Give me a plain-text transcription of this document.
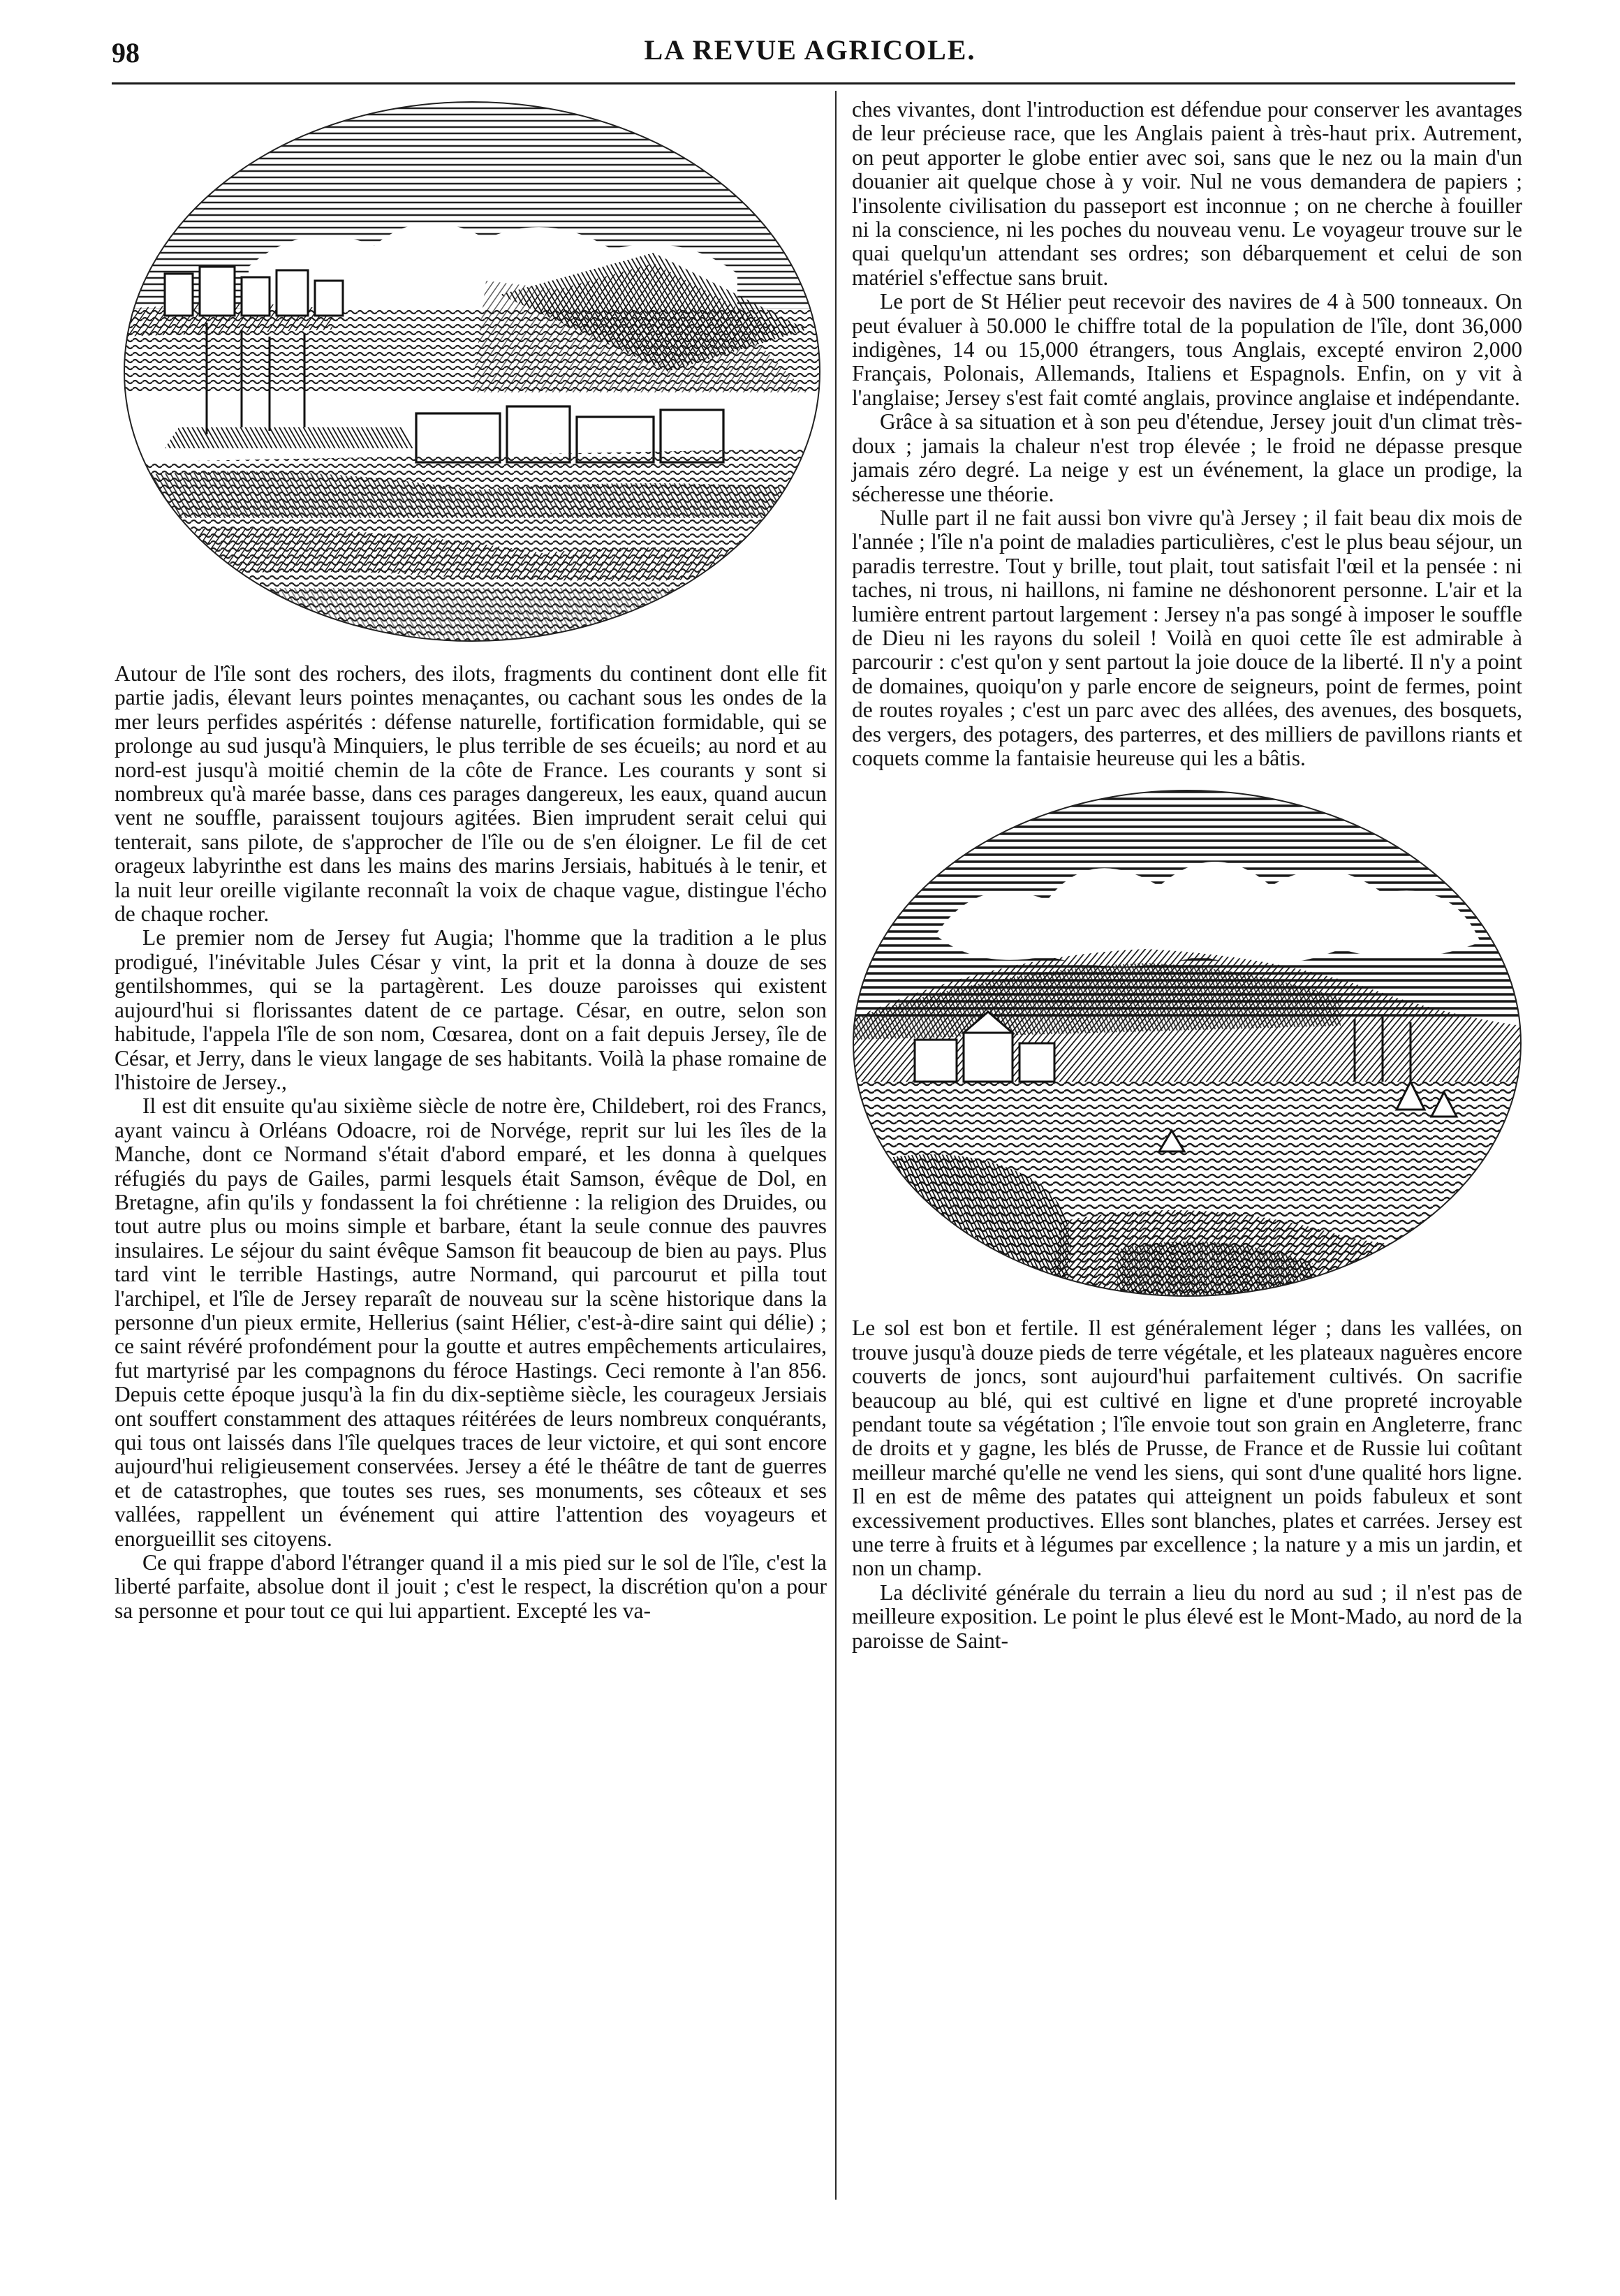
98	LA REVUE AGRICOLE.

Autour de l'île sont des rochers, des ilots, fragments du continent dont elle fit partie jadis, élevant leurs pointes menaçantes, ou cachant sous les ondes de la mer leurs perfides aspérités : défense naturelle, fortification formidable, qui se prolonge au sud jusqu'à Minquiers, le plus terrible de ses écueils; au nord et au nord-est jusqu'à moitié chemin de la côte de France. Les courants y sont si nombreux qu'à marée basse, dans ces parages dangereux, les eaux, quand aucun vent ne souffle, paraissent toujours agitées. Bien imprudent serait celui qui tenterait, sans pilote, de s'approcher de l'île ou de s'en éloigner. Le fil de cet orageux labyrinthe est dans les mains des marins Jersiais, habitués à le tenir, et la nuit leur oreille vigilante reconnaît la voix de chaque vague, distingue l'écho de chaque rocher.

Le premier nom de Jersey fut Augia; l'homme que la tradition a le plus prodigué, l'inévitable Jules César y vint, la prit et la donna à douze de ses gentilshommes, qui se la partagèrent. Les douze paroisses qui existent aujourd'hui si florissantes datent de ce partage. César, en outre, selon son habitude, l'appela l'île de son nom, Cœsarea, dont on a fait depuis Jersey, île de César, et Jerry, dans le vieux langage de ses habitants. Voilà la phase romaine de l'histoire de Jersey.,

Il est dit ensuite qu'au sixième siècle de notre ère, Childebert, roi des Francs, ayant vaincu à Orléans Odoacre, roi de Norvége, reprit sur lui les îles de la Manche, dont ce Normand s'était d'abord emparé, et les donna à quelques réfugiés du pays de Gailes, parmi lesquels était Samson, évêque de Dol, en Bretagne, afin qu'ils y fondassent la foi chrétienne : la religion des Druides, ou tout autre plus ou moins simple et barbare, étant la seule connue des pauvres insulaires. Le séjour du saint évêque Samson fit beaucoup de bien au pays. Plus tard vint le terrible Hastings, autre Normand, qui parcourut et pilla tout l'archipel, et l'île de Jersey reparaît de nouveau sur la scène historique dans la personne d'un pieux ermite, Hellerius (saint Hélier, c'est-à-dire saint qui délie) ; ce saint révéré profondément pour la goutte et autres empêchements articulaires, fut martyrisé par les compagnons du féroce Hastings. Ceci remonte à l'an 856. Depuis cette époque jusqu'à la fin du dix-septième siècle, les courageux Jersiais ont souffert constamment des attaques réitérées de leurs nombreux conquérants, qui tous ont laissés dans l'île quelques traces de leur victoire, et qui sont encore aujourd'hui religieusement conservées. Jersey a été le théâtre de tant de guerres et de catastrophes, que toutes ses rues, ses monuments, ses côteaux et ses vallées, rappellent un événement qui attire l'attention des voyageurs et enorgueillit ses citoyens.

Ce qui frappe d'abord l'étranger quand il a mis pied sur le sol de l'île, c'est la liberté parfaite, absolue dont il jouit ; c'est le respect, la discrétion qu'on a pour sa personne et pour tout ce qui lui appartient. Excepté les va-

ches vivantes, dont l'introduction est défendue pour conserver les avantages de leur précieuse race, que les Anglais paient à très-haut prix. Autrement, on peut apporter le globe entier avec soi, sans que le nez ou la main d'un douanier ait quelque chose à y voir. Nul ne vous demandera de papiers ; l'insolente civilisation du passeport est inconnue ; on ne cherche à fouiller ni la conscience, ni les poches du nouveau venu. Le voyageur trouve sur le quai quelqu'un attendant ses ordres; son débarquement et celui de son matériel s'effectue sans bruit.

Le port de St Hélier peut recevoir des navires de 4 à 500 tonneaux. On peut évaluer à 50.000 le chiffre total de la population de l'île, dont 36,000 indigènes, 14 ou 15,000 étrangers, tous Anglais, excepté environ 2,000 Français, Polonais, Allemands, Italiens et Espagnols. Enfin, on y vit à l'anglaise; Jersey s'est fait comté anglais, province anglaise et indépendante.

Grâce à sa situation et à son peu d'étendue, Jersey jouit d'un climat très-doux ; jamais la chaleur n'est trop élevée ; le froid ne dépasse presque jamais zéro degré. La neige y est un événement, la glace un prodige, la sécheresse une théorie.

Nulle part il ne fait aussi bon vivre qu'à Jersey ; il fait beau dix mois de l'année ; l'île n'a point de maladies particulières, c'est le plus beau séjour, un paradis terrestre. Tout y brille, tout plait, tout satisfait l'œil et la pensée : ni taches, ni trous, ni haillons, ni famine ne déshonorent personne. L'air et la lumière entrent partout largement : Jersey n'a pas songé à imposer le souffle de Dieu ni les rayons du soleil ! Voilà en quoi cette île est admirable à parcourir : c'est qu'on y sent partout la joie douce de la liberté. Il n'y a point de domaines, quoiqu'on y parle encore de seigneurs, point de fermes, point de routes royales ; c'est un parc avec des allées, des avenues, des bosquets, des vergers, des potagers, des parterres, et des milliers de pavillons riants et coquets comme la fantaisie heureuse qui les a bâtis.

Le sol est bon et fertile. Il est généralement léger ; dans les vallées, on trouve jusqu'à douze pieds de terre végétale, et les plateaux naguères encore couverts de joncs, sont aujourd'hui parfaitement cultivés. On sacrifie beaucoup au blé, qui est cultivé en ligne et d'une propreté incroyable pendant toute sa végétation ; l'île envoie tout son grain en Angleterre, franc de droits et y gagne, les blés de Prusse, de France et de Russie lui coûtant meilleur marché qu'elle ne vend les siens, qui sont d'une qualité hors ligne. Il en est de même des patates qui atteignent un poids fabuleux et sont excessivement productives. Elles sont blanches, plates et carrées. Jersey est une terre à fruits et à légumes par excellence ; la nature y a mis un jardin, et non un champ.

La déclivité générale du terrain a lieu du nord au sud ; il n'est pas de meilleure exposition. Le point le plus élevé est le Mont-Mado, au nord de la paroisse de Saint-
